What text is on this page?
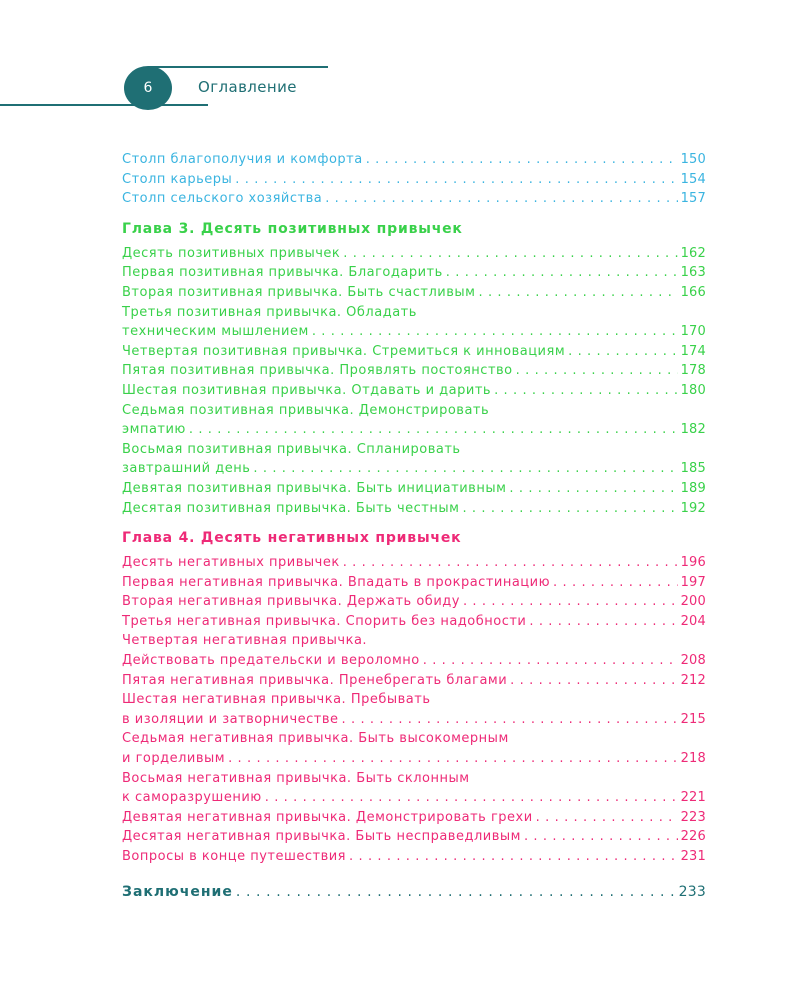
6	Оглавление
Столп благополучия и комфорта . . .	150
Столп карьеры . . .	154
Столп сельского хозяйства . . .	157
Глава 3. Десять позитивных привычек
Десять позитивных привычек . . .	162
Первая позитивная привычка. Благодарить . . .	163
Вторая позитивная привычка. Быть счастливым . . .	166
Третья позитивная привычка. Обладать
техническим мышлением . . .	170
Четвертая позитивная привычка. Стремиться к инновациям . . .	174
Пятая позитивная привычка. Проявлять постоянство . . .	178
Шестая позитивная привычка. Отдавать и дарить . . .	180
Седьмая позитивная привычка. Демонстрировать
эмпатию . . .	182
Восьмая позитивная привычка. Спланировать
завтрашний день . . .	185
Девятая позитивная привычка. Быть инициативным . . .	189
Десятая позитивная привычка. Быть честным . . .	192
Глава 4. Десять негативных привычек
Десять негативных привычек . . .	196
Первая негативная привычка. Впадать в прокрастинацию . . .	197
Вторая негативная привычка. Держать обиду . . .	200
Третья негативная привычка. Спорить без надобности . . .	204
Четвертая негативная привычка.
Действовать предательски и вероломно . . .	208
Пятая негативная привычка. Пренебрегать благами . . .	212
Шестая негативная привычка. Пребывать
в изоляции и затворничестве . . .	215
Седьмая негативная привычка. Быть высокомерным
и горделивым . . .	218
Восьмая негативная привычка. Быть склонным
к саморазрушению . . .	221
Девятая негативная привычка. Демонстрировать грехи . . .	223
Десятая негативная привычка. Быть несправедливым . . .	226
Вопросы в конце путешествия . . .	231
Заключение . . .	233
